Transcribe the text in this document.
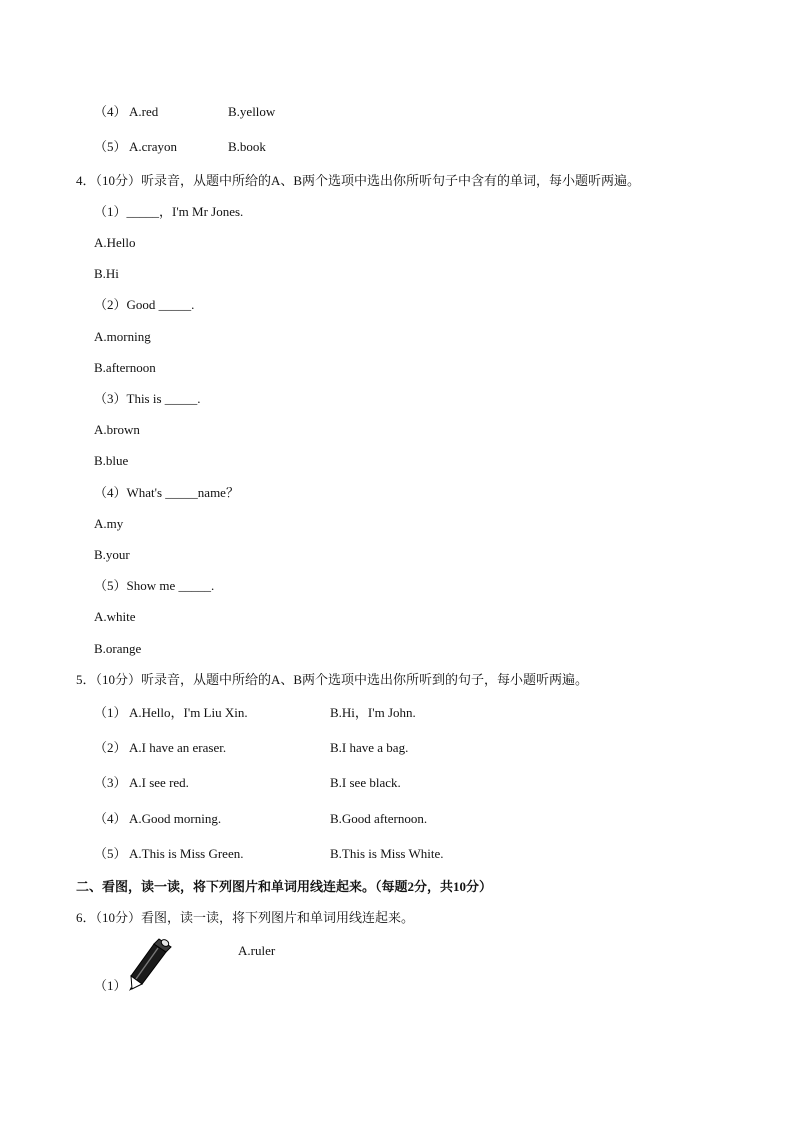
（4） A.red	B.yellow
（5） A.crayon	B.book
4．（10分）听录音，从题中所给的A、B两个选项中选出你所听句子中含有的单词，每小题听两遍。
（1）_____，I'm Mr Jones.
A.Hello
B.Hi
（2）Good _____.
A.morning
B.afternoon
（3）This is _____.
A.brown
B.blue
（4）What's _____name？
A.my
B.your
（5）Show me _____.
A.white
B.orange
5．（10分）听录音，从题中所给的A、B两个选项中选出你所听到的句子，每小题听两遍。
（1） A.Hello，I'm Liu Xin.	B.Hi，I'm John.
（2） A.I have an eraser.	B.I have a bag.
（3） A.I see red.	B.I see black.
（4） A.Good morning.	B.Good afternoon.
（5） A.This is Miss Green.	B.This is Miss White.
二、看图，读一读，将下列图片和单词用线连起来。（每题2分，共10分）
6．（10分）看图，读一读，将下列图片和单词用线连起来。
A.ruler
（1）
